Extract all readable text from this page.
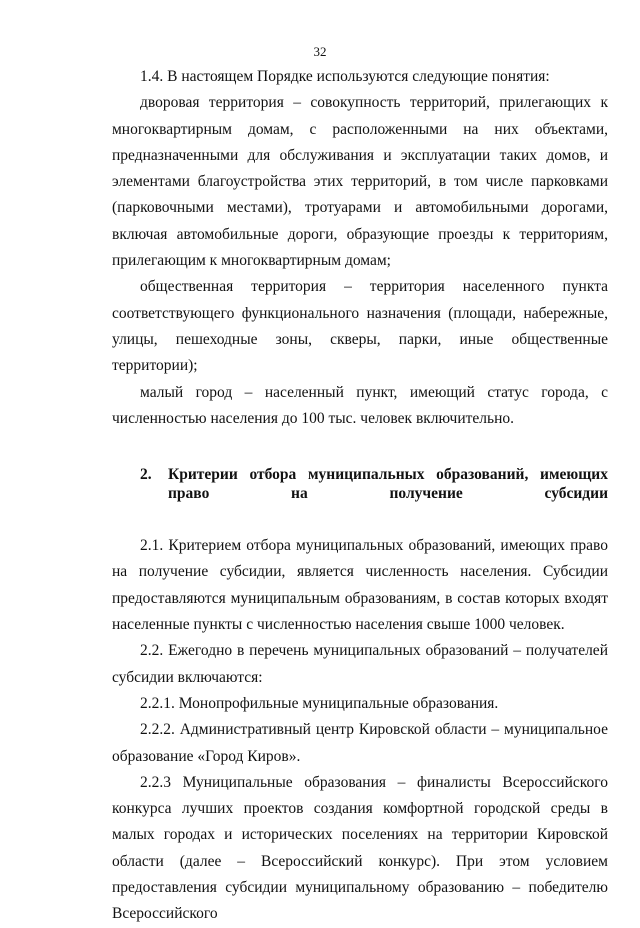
32

1.4. В настоящем Порядке используются следующие понятия:

дворовая территория – совокупность территорий, прилегающих к многоквартирным домам, с расположенными на них объектами, предназначенными для обслуживания и эксплуатации таких домов, и элементами благоустройства этих территорий, в том числе парковками (парковочными местами), тротуарами и автомобильными дорогами, включая автомобильные дороги, образующие проезды к территориям, прилегающим к многоквартирным домам;

общественная территория – территория населенного пункта соответствующего функционального назначения (площади, набережные, улицы, пешеходные зоны, скверы, парки, иные общественные территории);

малый город – населенный пункт, имеющий статус города, с численностью населения до 100 тыс. человек включительно.

2.	Критерии отбора муниципальных образований, имеющих
право на получение субсидии

2.1. Критерием отбора муниципальных образований, имеющих право на получение субсидии, является численность населения. Субсидии предоставляются муниципальным образованиям, в состав которых входят населенные пункты с численностью населения свыше 1000 человек.

2.2. Ежегодно в перечень муниципальных образований – получателей субсидии включаются:

2.2.1. Монопрофильные муниципальные образования.

2.2.2. Административный центр Кировской области – муниципальное образование «Город Киров».

2.2.3 Муниципальные образования – финалисты Всероссийского конкурса лучших проектов создания комфортной городской среды в малых городах и исторических поселениях на территории Кировской области (далее – Всероссийский конкурс). При этом условием предоставления субсидии муниципальному образованию – победителю Всероссийского
